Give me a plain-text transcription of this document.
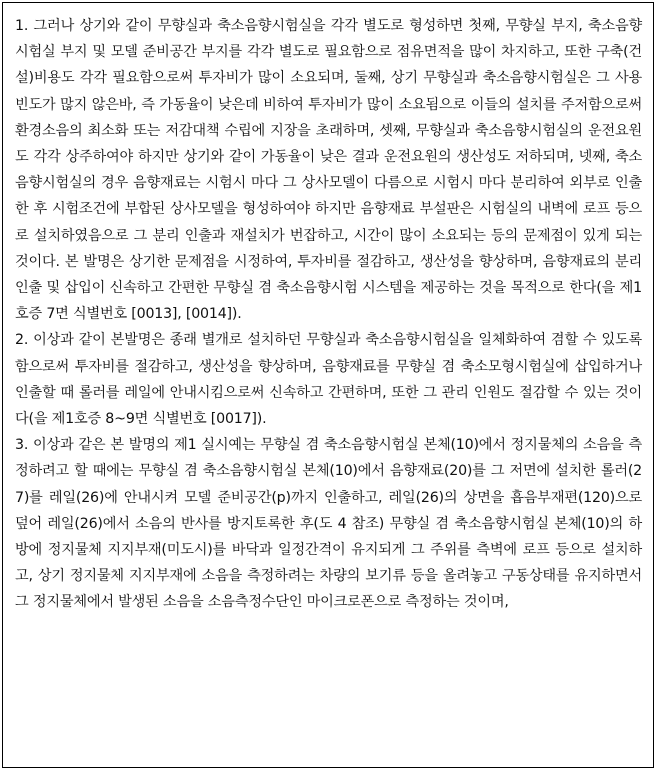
1. 그러나 상기와 같이 무향실과 축소음향시험실을 각각 별도로 형성하면 첫째, 무향실 부지, 축소음향시험실 부지 및 모델 준비공간 부지를 각각 별도로 필요함으로 점유면적을 많이 차지하고, 또한 구축(건설)비용도 각각 필요함으로써 투자비가 많이 소요되며, 둘째, 상기 무향실과 축소음향시험실은 그 사용빈도가 많지 않은바, 즉 가동율이 낮은데 비하여 투자비가 많이 소요됨으로 이들의 설치를 주저함으로써 환경소음의 최소화 또는 저감대책 수립에 지장을 초래하며, 셋째, 무향실과 축소음향시험실의 운전요원도 각각 상주하여야 하지만 상기와 같이 가동율이 낮은 결과 운전요원의 생산성도 저하되며, 넷째, 축소음향시험실의 경우 음향재료는 시험시 마다 그 상사모델이 다름으로 시험시 마다 분리하여 외부로 인출한 후 시험조건에 부합된 상사모델을 형성하여야 하지만 음향재료 부설판은 시험실의 내벽에 로프 등으로 설치하였음으로 그 분리 인출과 재설치가 번잡하고, 시간이 많이 소요되는 등의 문제점이 있게 되는 것이다. 본 발명은 상기한 문제점을 시정하여, 투자비를 절감하고, 생산성을 향상하며, 음향재료의 분리 인출 및 삽입이 신속하고 간편한 무향실 겸 축소음향시험 시스템을 제공하는 것을 목적으로 한다(을 제1호증 7면 식별번호 [0013], [0014]).

2. 이상과 같이 본발명은 종래 별개로 설치하던 무향실과 축소음향시험실을 일체화하여 겸할 수 있도록 함으로써 투자비를 절감하고, 생산성을 향상하며, 음향재료를 무향실 겸 축소모형시험실에 삽입하거나 인출할 때 롤러를 레일에 안내시킴으로써 신속하고 간편하며, 또한 그 관리 인원도 절감할 수 있는 것이다(을 제1호증 8~9면 식별번호 [0017]).

3. 이상과 같은 본 발명의 제1 실시예는 무향실 겸 축소음향시험실 본체(10)에서 정지물체의 소음을 측정하려고 할 때에는 무향실 겸 축소음향시험실 본체(10)에서 음향재료(20)를 그 저면에 설치한 롤러(27)를 레일(26)에 안내시켜 모델 준비공간(p)까지 인출하고, 레일(26)의 상면을 흡음부재편(120)으로 덮어 레일(26)에서 소음의 반사를 방지토록한 후(도 4 참조) 무향실 겸 축소음향시험실 본체(10)의 하방에 정지물체 지지부재(미도시)를 바닥과 일정간격이 유지되게 그 주위를 측벽에 로프 등으로 설치하고, 상기 정지물체 지지부재에 소음을 측정하려는 차량의 보기류 등을 올려놓고 구동상태를 유지하면서 그 정지물체에서 발생된 소음을 소음측정수단인 마이크로폰으로 측정하는 것이며,
